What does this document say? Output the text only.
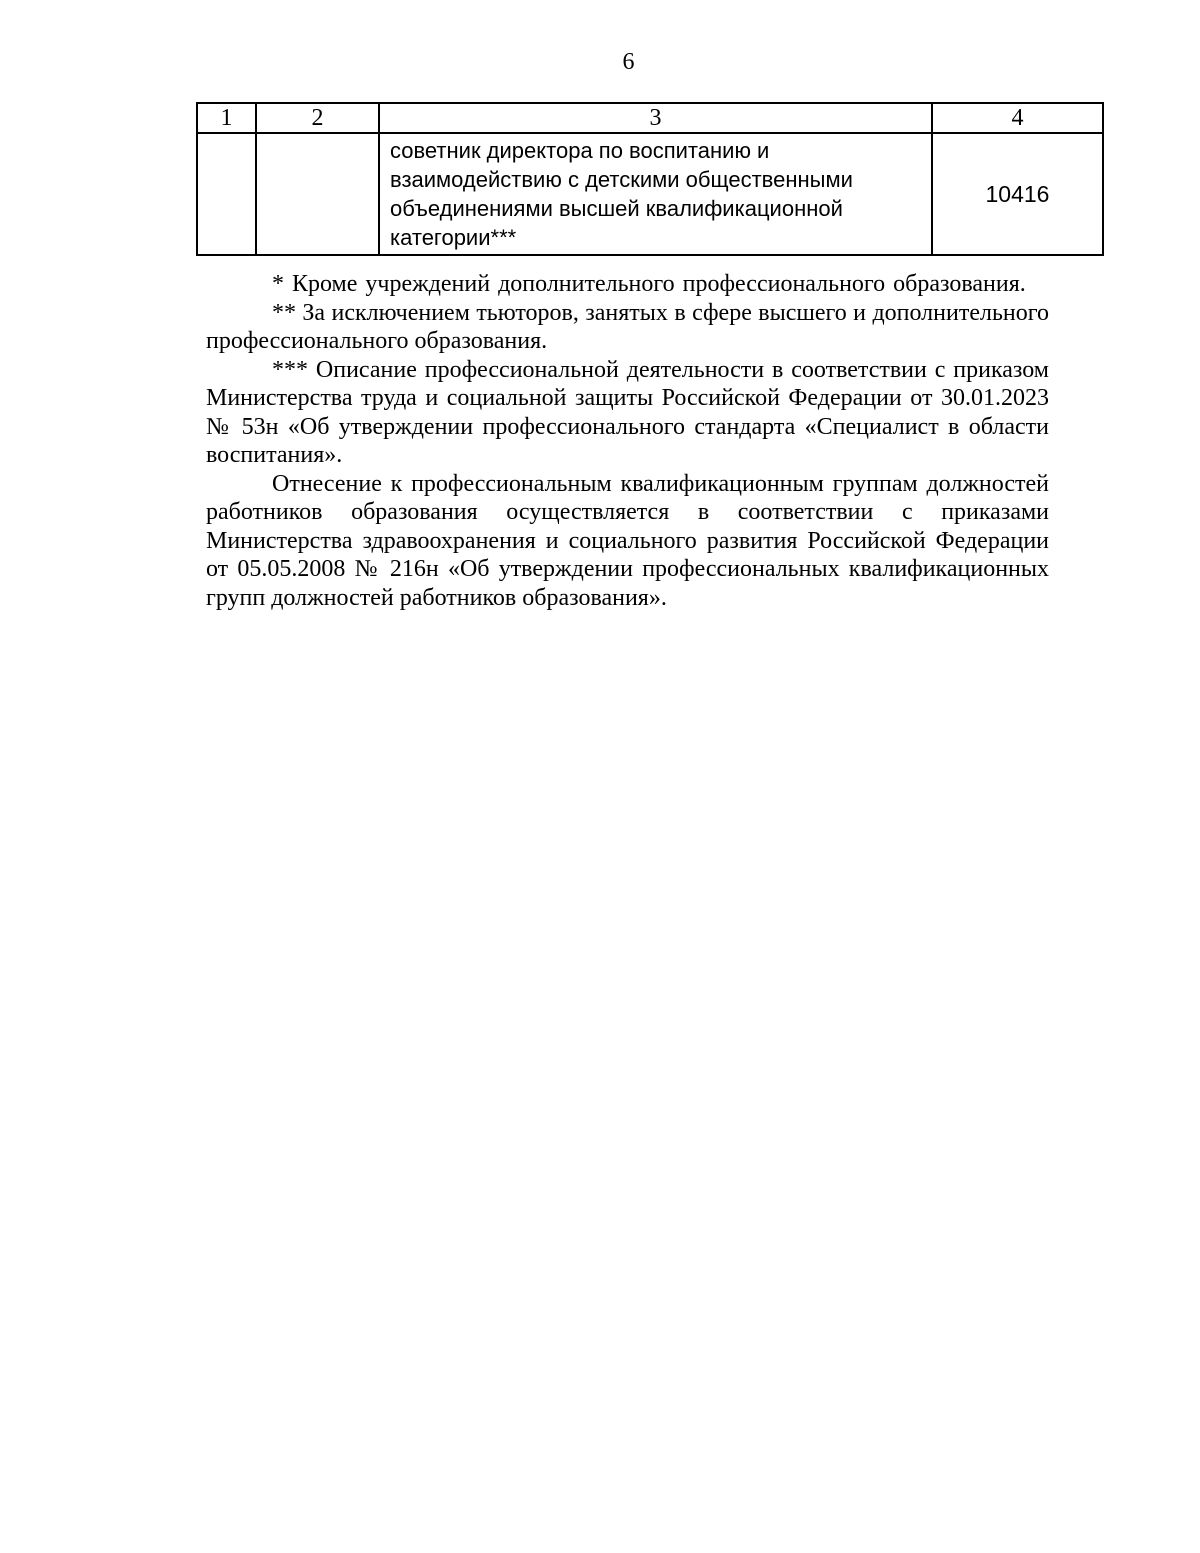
6
1	2	3	4
		советник директора по воспитанию и взаимодействию с детскими общественными объединениями высшей квалификационной категории***	10416

* Кроме учреждений дополнительного профессионального образования.

** За исключением тьюторов, занятых в сфере высшего и дополнительного профессионального образования.

*** Описание профессиональной деятельности в соответствии с приказом Министерства труда и социальной защиты Российской Федерации от 30.01.2023 № 53н «Об утверждении профессионального стандарта «Специалист в области воспитания».

Отнесение к профессиональным квалификационным группам должностей работников образования осуществляется в соответствии с приказами Министерства здравоохранения и социального развития Российской Федерации от 05.05.2008 № 216н «Об утверждении профессиональных квалификационных групп должностей работников образования».
